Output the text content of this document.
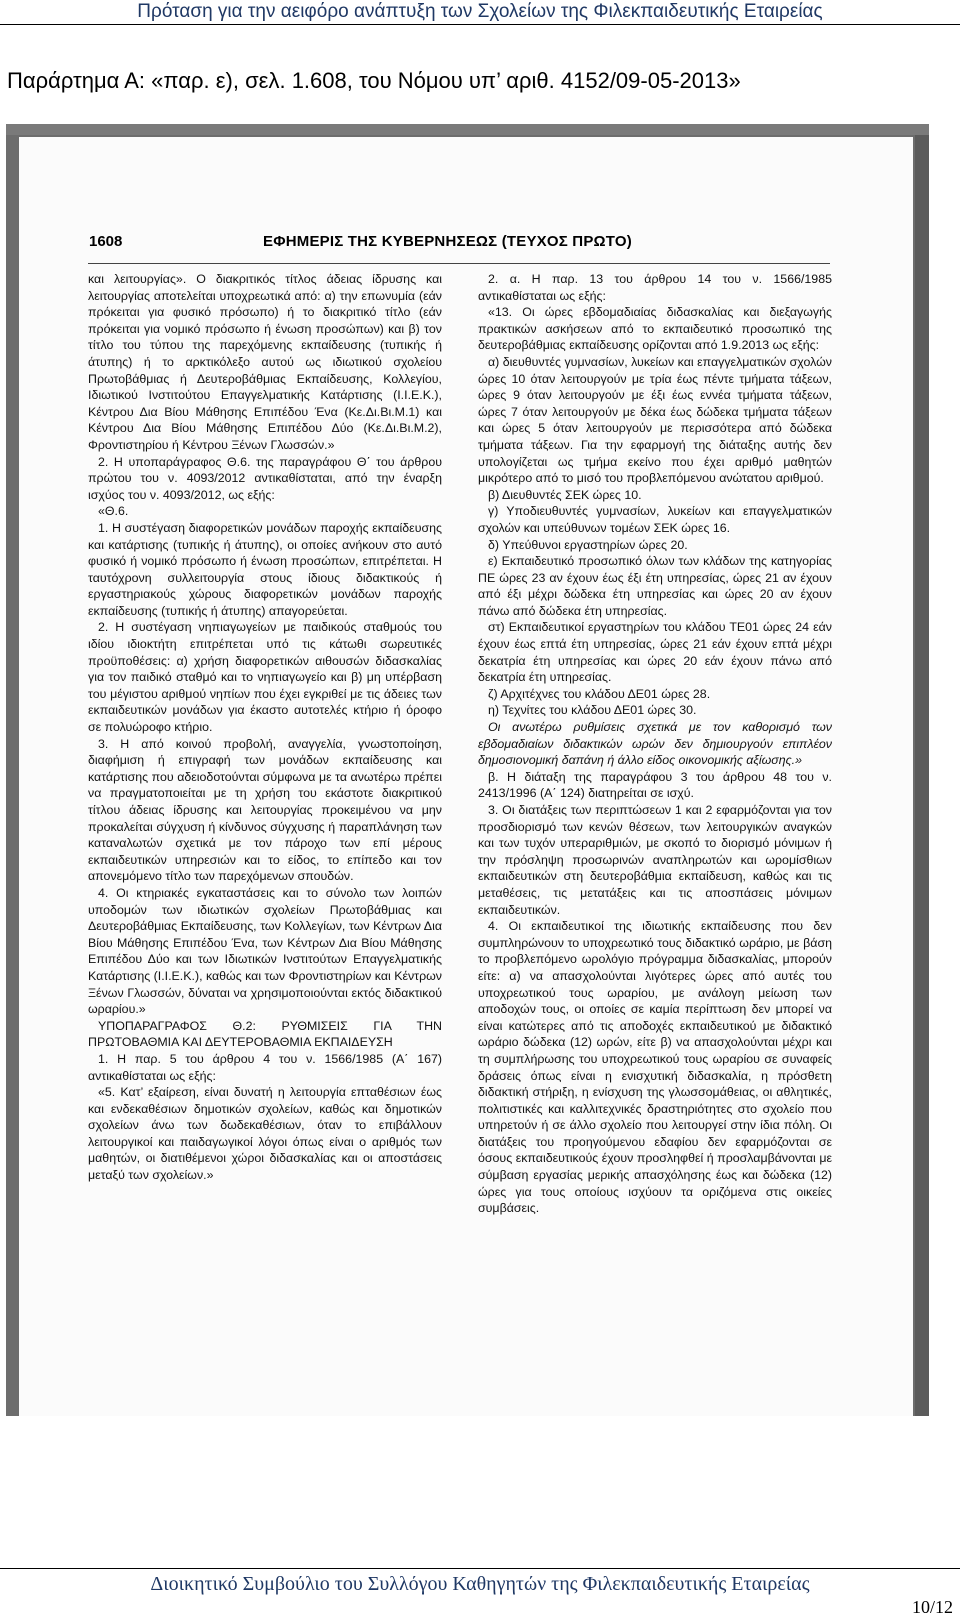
Πρόταση για την αειφόρο ανάπτυξη των Σχολείων της Φιλεκπαιδευτικής Εταιρείας
Παράρτημα Α: «παρ. ε), σελ. 1.608, του Νόμου υπ’ αριθ. 4152/09-05-2013»
1608	ΕΦΗΜΕΡΙΣ ΤΗΣ ΚΥΒΕΡΝΗΣΕΩΣ (ΤΕΥΧΟΣ ΠΡΩΤΟ)

και λειτουργίας». Ο διακριτικός τίτλος άδειας ίδρυσης και λειτουργίας αποτελείται υποχρεωτικά από: α) την επωνυμία (εάν πρόκειται για φυσικό πρόσωπο) ή το διακριτικό τίτλο (εάν πρόκειται για νομικό πρόσωπο ή ένωση προσώπων) και β) τον τίτλο του τύπου της παρεχόμενης εκπαίδευσης (τυπικής ή άτυπης) ή το αρκτικόλεξο αυτού ως ιδιωτικού σχολείου Πρωτοβάθμιας ή Δευτεροβάθμιας Εκπαίδευσης, Κολλεγίου, Ιδιωτικού Ινστιτούτου Επαγγελματικής Κατάρτισης (Ι.Ι.Ε.Κ.), Κέντρου Δια Βίου Μάθησης Επιπέδου Ένα (Κε.Δι.Βι.Μ.1) και Κέντρου Δια Βίου Μάθησης Επιπέδου Δύο (Κε.Δι.Βι.Μ.2), Φροντιστηρίου ή Κέντρου Ξένων Γλωσσών.»

2. Η υποπαράγραφος Θ.6. της παραγράφου Θ΄ του άρθρου πρώτου του ν. 4093/2012 αντικαθίσταται, από την έναρξη ισχύος του ν. 4093/2012, ως εξής:

«Θ.6.

1. Η συστέγαση διαφορετικών μονάδων παροχής εκπαίδευσης και κατάρτισης (τυπικής ή άτυπης), οι οποίες ανήκουν στο αυτό φυσικό ή νομικό πρόσωπο ή ένωση προσώπων, επιτρέπεται. Η ταυτόχρονη συλλειτουργία στους ίδιους διδακτικούς ή εργαστηριακούς χώρους διαφορετικών μονάδων παροχής εκπαίδευσης (τυπικής ή άτυπης) απαγορεύεται.

2. Η συστέγαση νηπιαγωγείων με παιδικούς σταθμούς του ιδίου ιδιοκτήτη επιτρέπεται υπό τις κάτωθι σωρευτικές προϋποθέσεις: α) χρήση διαφορετικών αιθουσών διδασκαλίας για τον παιδικό σταθμό και το νηπιαγωγείο και β) μη υπέρβαση του μέγιστου αριθμού νηπίων που έχει εγκριθεί με τις άδειες των εκπαιδευτικών μονάδων για έκαστο αυτοτελές κτήριο ή όροφο σε πολυώροφο κτήριο.

3. Η από κοινού προβολή, αναγγελία, γνωστοποίηση, διαφήμιση ή επιγραφή των μονάδων εκπαίδευσης και κατάρτισης που αδειοδοτούνται σύμφωνα με τα ανωτέρω πρέπει να πραγματοποιείται με τη χρήση του εκάστοτε διακριτικού τίτλου άδειας ίδρυσης και λειτουργίας προκειμένου να μην προκαλείται σύγχυση ή κίνδυνος σύγχυσης ή παραπλάνηση των καταναλωτών σχετικά με τον πάροχο των επί μέρους εκπαιδευτικών υπηρεσιών και το είδος, το επίπεδο και τον απονεμόμενο τίτλο των παρεχόμενων σπουδών.

4. Οι κτηριακές εγκαταστάσεις και το σύνολο των λοιπών υποδομών των ιδιωτικών σχολείων Πρωτοβάθμιας και Δευτεροβάθμιας Εκπαίδευσης, των Κολλεγίων, των Κέντρων Δια Βίου Μάθησης Επιπέδου Ένα, των Κέντρων Δια Βίου Μάθησης Επιπέδου Δύο και των Ιδιωτικών Ινστιτούτων Επαγγελματικής Κατάρτισης (Ι.Ι.Ε.Κ.), καθώς και των Φροντιστηρίων και Κέντρων Ξένων Γλωσσών, δύναται να χρησιμοποιούνται εκτός διδακτικού ωραρίου.»

ΥΠΟΠΑΡΑΓΡΑΦΟΣ Θ.2: ΡΥΘΜΙΣΕΙΣ ΓΙΑ ΤΗΝ ΠΡΩΤΟΒΑΘΜΙΑ ΚΑΙ ΔΕΥΤΕΡΟΒΑΘΜΙΑ ΕΚΠΑΙΔΕΥΣΗ

1. Η παρ. 5 του άρθρου 4 του ν. 1566/1985 (Α΄ 167) αντικαθίσταται ως εξής:

«5. Κατ’ εξαίρεση, είναι δυνατή η λειτουργία επταθέσιων έως και ενδεκαθέσιων δημοτικών σχολείων, καθώς και δημοτικών σχολείων άνω των δωδεκαθέσιων, όταν το επιβάλλουν λειτουργικοί και παιδαγωγικοί λόγοι όπως είναι ο αριθμός των μαθητών, οι διατιθέμενοι χώροι διδασκαλίας και οι αποστάσεις μεταξύ των σχολείων.»

2. α. Η παρ. 13 του άρθρου 14 του ν. 1566/1985 αντικαθίσταται ως εξής:

«13. Οι ώρες εβδομαδιαίας διδασκαλίας και διεξαγωγής πρακτικών ασκήσεων από το εκπαιδευτικό προσωπικό της δευτεροβάθμιας εκπαίδευσης ορίζονται από 1.9.2013 ως εξής:

α) διευθυντές γυμνασίων, λυκείων και επαγγελματικών σχολών ώρες 10 όταν λειτουργούν με τρία έως πέντε τμήματα τάξεων, ώρες 9 όταν λειτουργούν με έξι έως εννέα τμήματα τάξεων, ώρες 7 όταν λειτουργούν με δέκα έως δώδεκα τμήματα τάξεων και ώρες 5 όταν λειτουργούν με περισσότερα από δώδεκα τμήματα τάξεων. Για την εφαρμογή της διάταξης αυτής δεν υπολογίζεται ως τμήμα εκείνο που έχει αριθμό μαθητών μικρότερο από το μισό του προβλεπόμενου ανώτατου αριθμού.

β) Διευθυντές ΣΕΚ ώρες 10.

γ) Υποδιευθυντές γυμνασίων, λυκείων και επαγγελματικών σχολών και υπεύθυνων τομέων ΣΕΚ ώρες 16.

δ) Υπεύθυνοι εργαστηρίων ώρες 20.

ε) Εκπαιδευτικό προσωπικό όλων των κλάδων της κατηγορίας ΠΕ ώρες 23 αν έχουν έως έξι έτη υπηρεσίας, ώρες 21 αν έχουν από έξι μέχρι δώδεκα έτη υπηρεσίας και ώρες 20 αν έχουν πάνω από δώδεκα έτη υπηρεσίας.

στ) Εκπαιδευτικοί εργαστηρίων του κλάδου ΤΕ01 ώρες 24 εάν έχουν έως επτά έτη υπηρεσίας, ώρες 21 εάν έχουν επτά μέχρι δεκατρία έτη υπηρεσίας και ώρες 20 εάν έχουν πάνω από δεκατρία έτη υπηρεσίας.

ζ) Αρχιτέχνες του κλάδου ΔΕ01 ώρες 28.

η) Τεχνίτες του κλάδου ΔΕ01 ώρες 30.

Οι ανωτέρω ρυθμίσεις σχετικά με τον καθορισμό των εβδομαδιαίων διδακτικών ωρών δεν δημιουργούν επιπλέον δημοσιονομική δαπάνη ή άλλο είδος οικονομικής αξίωσης.»

β. Η διάταξη της παραγράφου 3 του άρθρου 48 του ν. 2413/1996 (Α΄ 124) διατηρείται σε ισχύ.

3. Οι διατάξεις των περιπτώσεων 1 και 2 εφαρμόζονται για τον προσδιορισμό των κενών θέσεων, των λειτουργικών αναγκών και των τυχόν υπεραριθμιών, με σκοπό το διορισμό μόνιμων ή την πρόσληψη προσωρινών αναπληρωτών και ωρομίσθιων εκπαιδευτικών στη δευτεροβάθμια εκπαίδευση, καθώς και τις μεταθέσεις, τις μετατάξεις και τις αποσπάσεις μόνιμων εκπαιδευτικών.

4. Οι εκπαιδευτικοί της ιδιωτικής εκπαίδευσης που δεν συμπληρώνουν το υποχρεωτικό τους διδακτικό ωράριο, με βάση το προβλεπόμενο ωρολόγιο πρόγραμμα διδασκαλίας, μπορούν είτε: α) να απασχολούνται λιγότερες ώρες από αυτές του υποχρεωτικού τους ωραρίου, με ανάλογη μείωση των αποδοχών τους, οι οποίες σε καμία περίπτωση δεν μπορεί να είναι κατώτερες από τις αποδοχές εκπαιδευτικού με διδακτικό ωράριο δώδεκα (12) ωρών, είτε β) να απασχολούνται μέχρι και τη συμπλήρωσης του υποχρεωτικού τους ωραρίου σε συναφείς δράσεις όπως είναι η ενισχυτική διδασκαλία, η πρόσθετη διδακτική στήριξη, η ενίσχυση της γλωσσομάθειας, οι αθλητικές, πολιτιστικές και καλλιτεχνικές δραστηριότητες στο σχολείο που υπηρετούν ή σε άλλο σχολείο που λειτουργεί στην ίδια πόλη. Οι διατάξεις του προηγούμενου εδαφίου δεν εφαρμόζονται σε όσους εκπαιδευτικούς έχουν προσληφθεί ή προσλαμβάνονται με σύμβαση εργασίας μερικής απασχόλησης έως και δώδεκα (12) ώρες για τους οποίους ισχύουν τα οριζόμενα στις οικείες συμβάσεις.

Διοικητικό Συμβούλιο του Συλλόγου Καθηγητών της Φιλεκπαιδευτικής Εταιρείας
10/12
